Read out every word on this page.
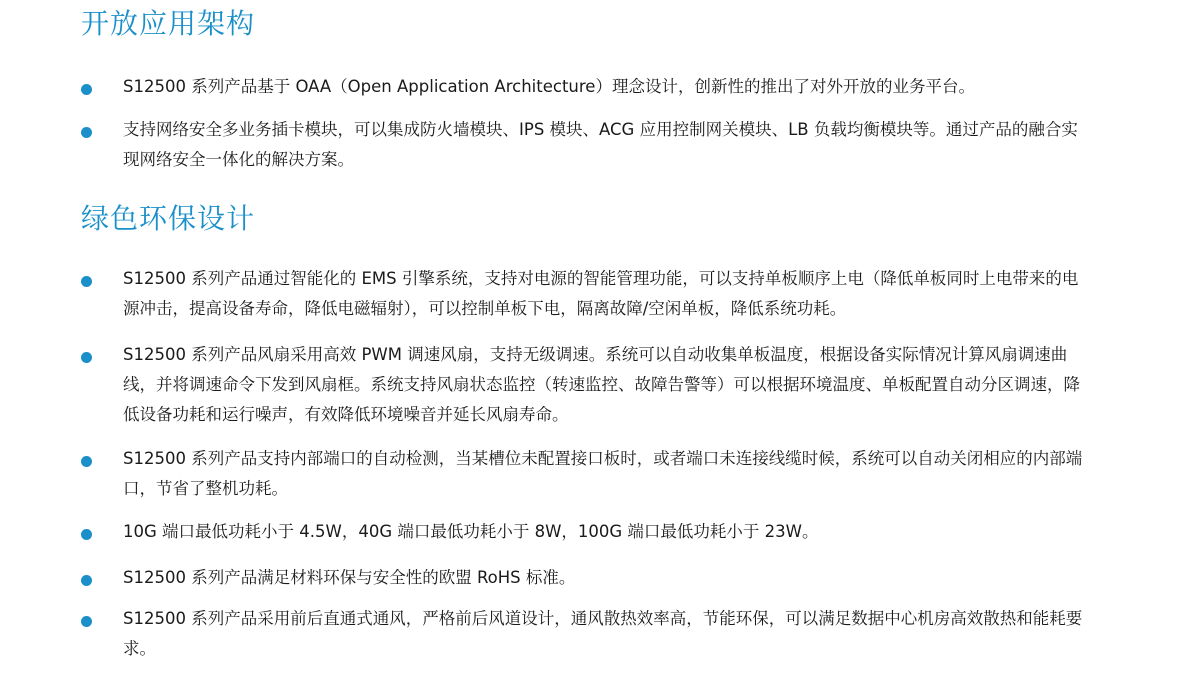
开放应用架构

S12500 系列产品基于 OAA（Open Application Architecture）理念设计，创新性的推出了对外开放的业务平台。

支持网络安全多业务插卡模块，可以集成防火墙模块、IPS 模块、ACG 应用控制网关模块、LB 负载均衡模块等。通过产品的融合实现网络安全一体化的解决方案。

绿色环保设计

S12500 系列产品通过智能化的 EMS 引擎系统，支持对电源的智能管理功能，可以支持单板顺序上电（降低单板同时上电带来的电源冲击，提高设备寿命，降低电磁辐射），可以控制单板下电，隔离故障/空闲单板，降低系统功耗。

S12500 系列产品风扇采用高效 PWM 调速风扇，支持无级调速。系统可以自动收集单板温度，根据设备实际情况计算风扇调速曲线，并将调速命令下发到风扇框。系统支持风扇状态监控（转速监控、故障告警等）可以根据环境温度、单板配置自动分区调速，降低设备功耗和运行噪声，有效降低环境噪音并延长风扇寿命。

S12500 系列产品支持内部端口的自动检测，当某槽位未配置接口板时，或者端口未连接线缆时候，系统可以自动关闭相应的内部端口，节省了整机功耗。

10G 端口最低功耗小于 4.5W，40G 端口最低功耗小于 8W，100G 端口最低功耗小于 23W。

S12500 系列产品满足材料环保与安全性的欧盟 RoHS 标准。

S12500 系列产品采用前后直通式通风，严格前后风道设计，通风散热效率高，节能环保，可以满足数据中心机房高效散热和能耗要求。
